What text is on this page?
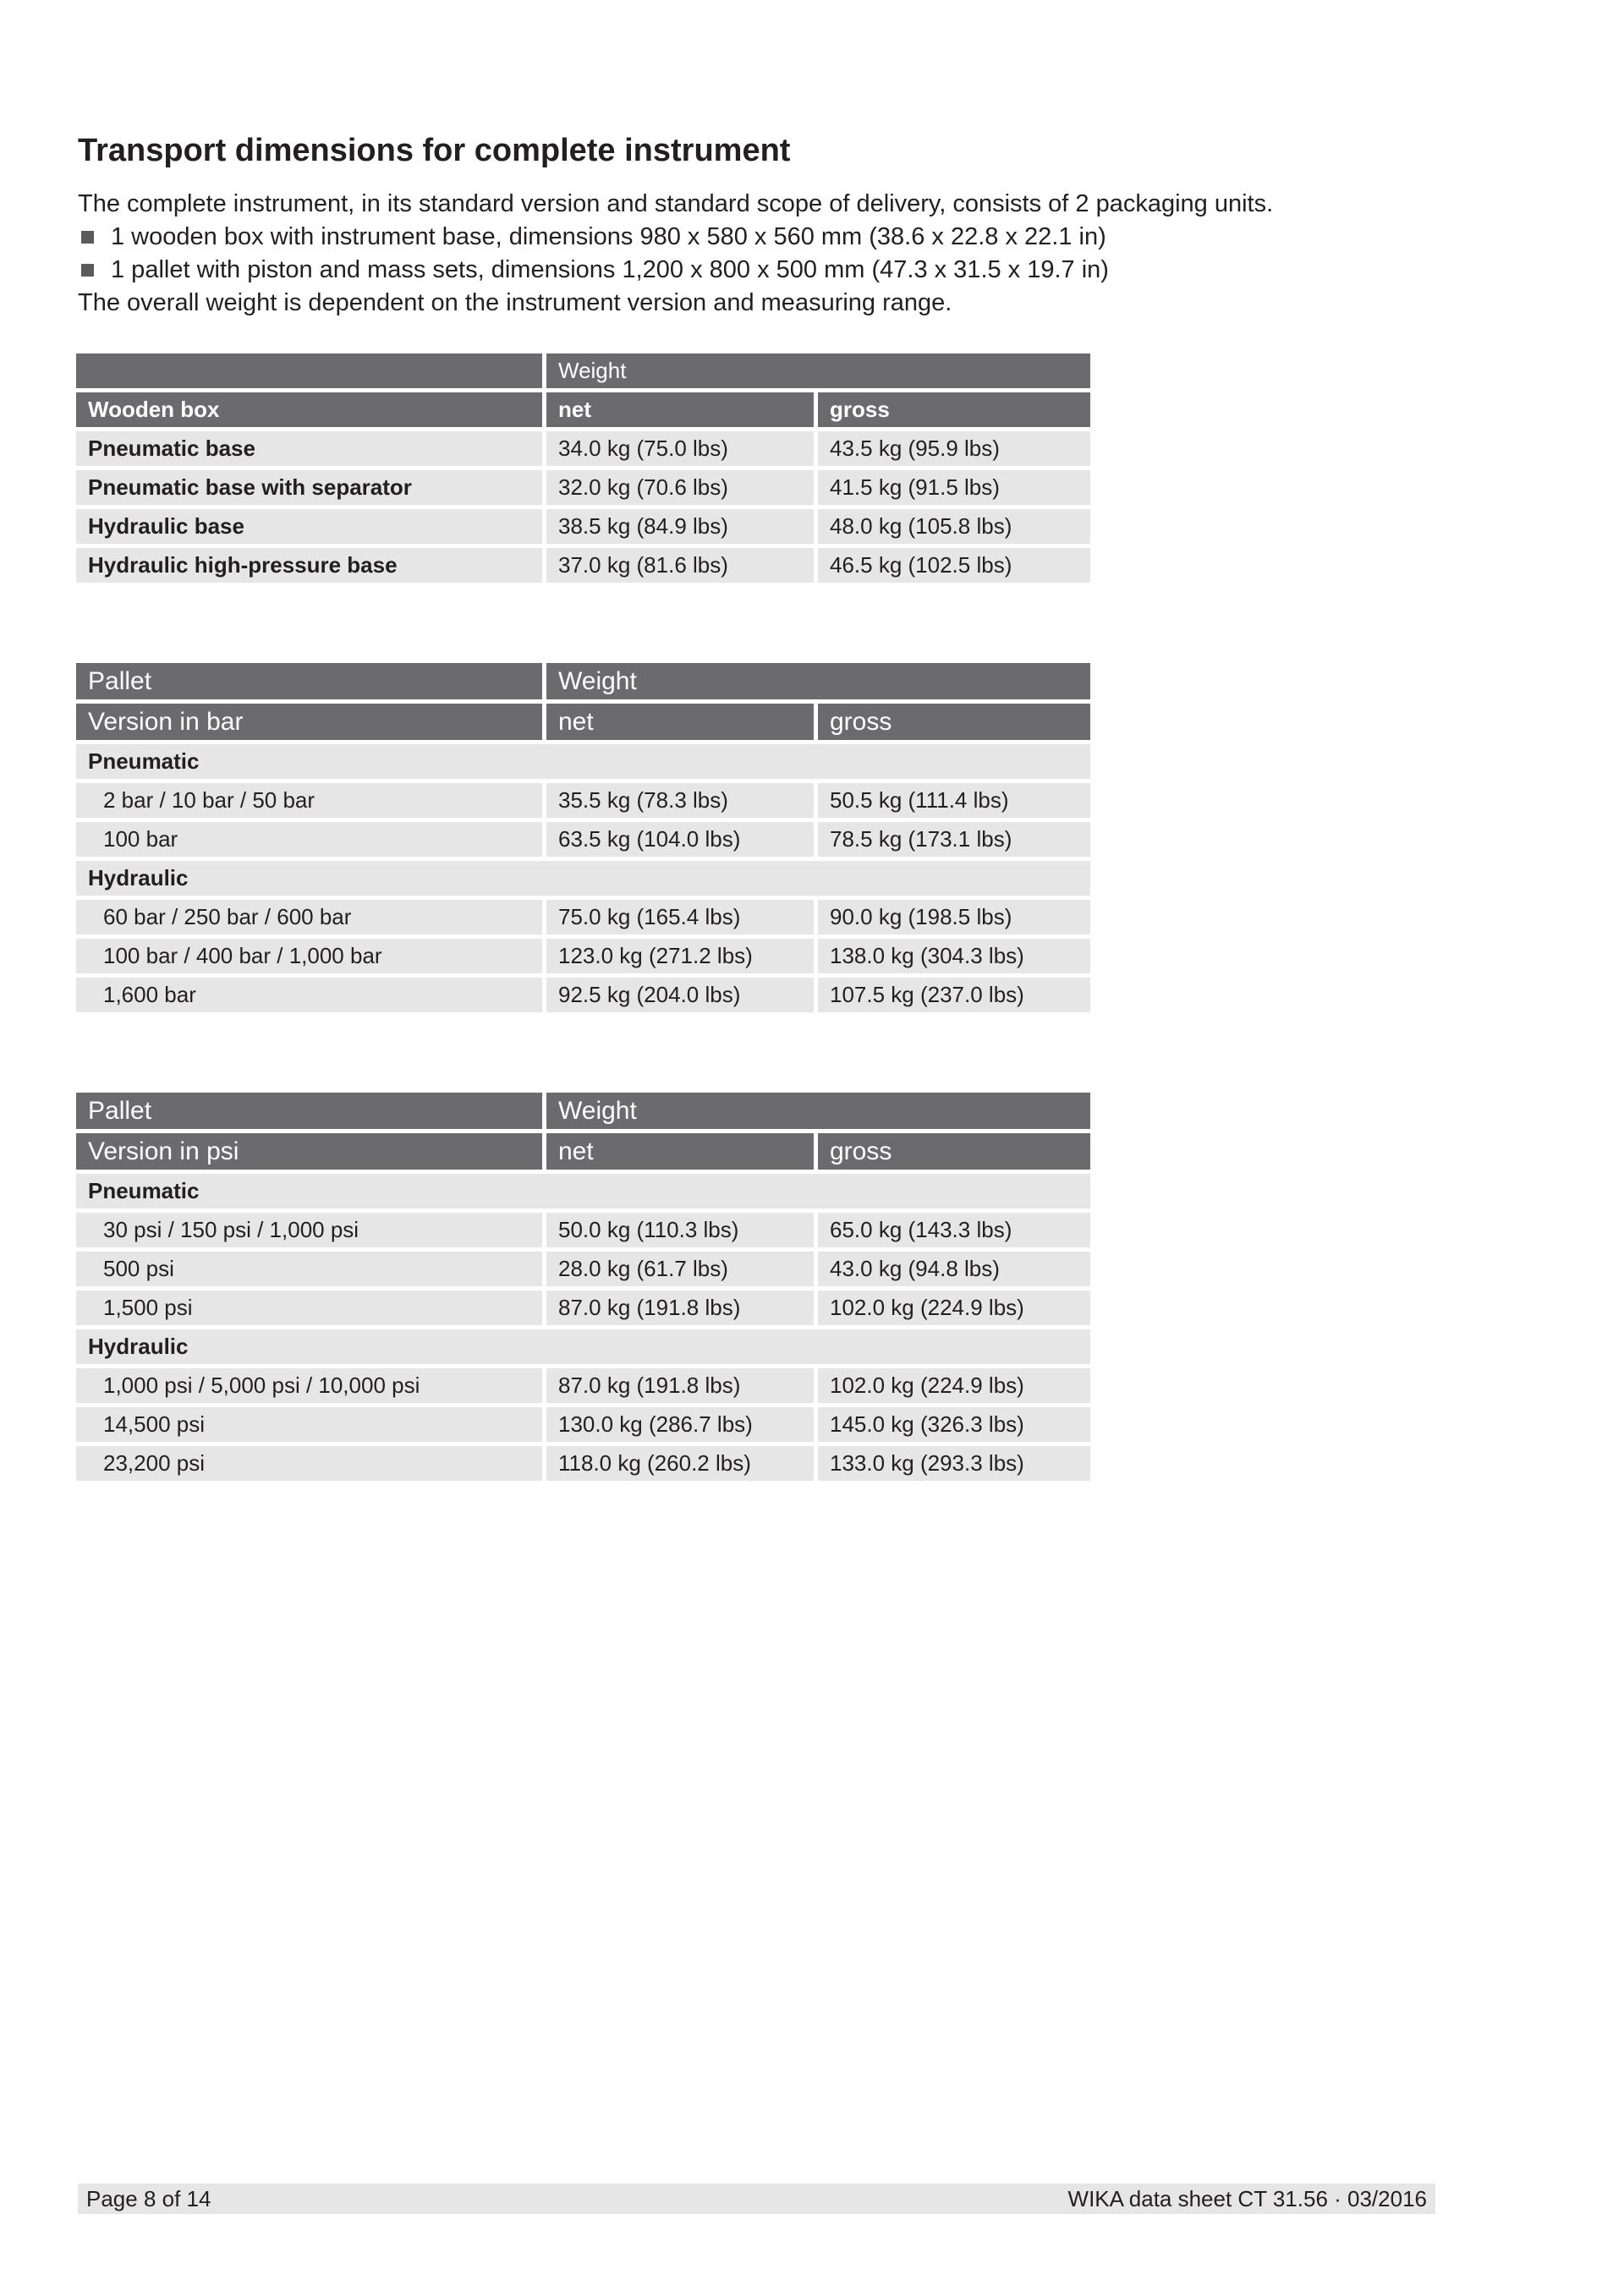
Transport dimensions for complete instrument

The complete instrument, in its standard version and standard scope of delivery, consists of 2 packaging units.

1 wooden box with instrument base, dimensions 980 x 580 x 560 mm (38.6 x 22.8 x 22.1 in)
1 pallet with piston and mass sets, dimensions 1,200 x 800 x 500 mm (47.3 x 31.5 x 19.7 in)

The overall weight is dependent on the instrument version and measuring range.

	Weight	
Wooden box	net	gross
Pneumatic base	34.0 kg (75.0 lbs)	43.5 kg (95.9 lbs)
Pneumatic base with separator	32.0 kg (70.6 lbs)	41.5 kg (91.5 lbs)
Hydraulic base	38.5 kg (84.9 lbs)	48.0 kg (105.8 lbs)
Hydraulic high-pressure base	37.0 kg (81.6 lbs)	46.5 kg (102.5 lbs)
Pallet	Weight	
Version in bar	net	gross
Pneumatic		
2 bar / 10 bar / 50 bar	35.5 kg (78.3 lbs)	50.5 kg (111.4 lbs)
100 bar	63.5 kg (104.0 lbs)	78.5 kg (173.1 lbs)
Hydraulic		
60 bar / 250 bar / 600 bar	75.0 kg (165.4 lbs)	90.0 kg (198.5 lbs)
100 bar / 400 bar / 1,000 bar	123.0 kg (271.2 lbs)	138.0 kg (304.3 lbs)
1,600 bar	92.5 kg (204.0 lbs)	107.5 kg (237.0 lbs)
Pallet	Weight	
Version in psi	net	gross
Pneumatic		
30 psi / 150 psi / 1,000 psi	50.0 kg (110.3 lbs)	65.0 kg (143.3 lbs)
500 psi	28.0 kg (61.7 lbs)	43.0 kg (94.8 lbs)
1,500 psi	87.0 kg (191.8 lbs)	102.0 kg (224.9 lbs)
Hydraulic		
1,000 psi / 5,000 psi / 10,000 psi	87.0 kg (191.8 lbs)	102.0 kg (224.9 lbs)
14,500 psi	130.0 kg (286.7 lbs)	145.0 kg (326.3 lbs)
23,200 psi	118.0 kg (260.2 lbs)	133.0 kg (293.3 lbs)
Page 8 of 14	WIKA data sheet CT 31.56 · 03/2016
